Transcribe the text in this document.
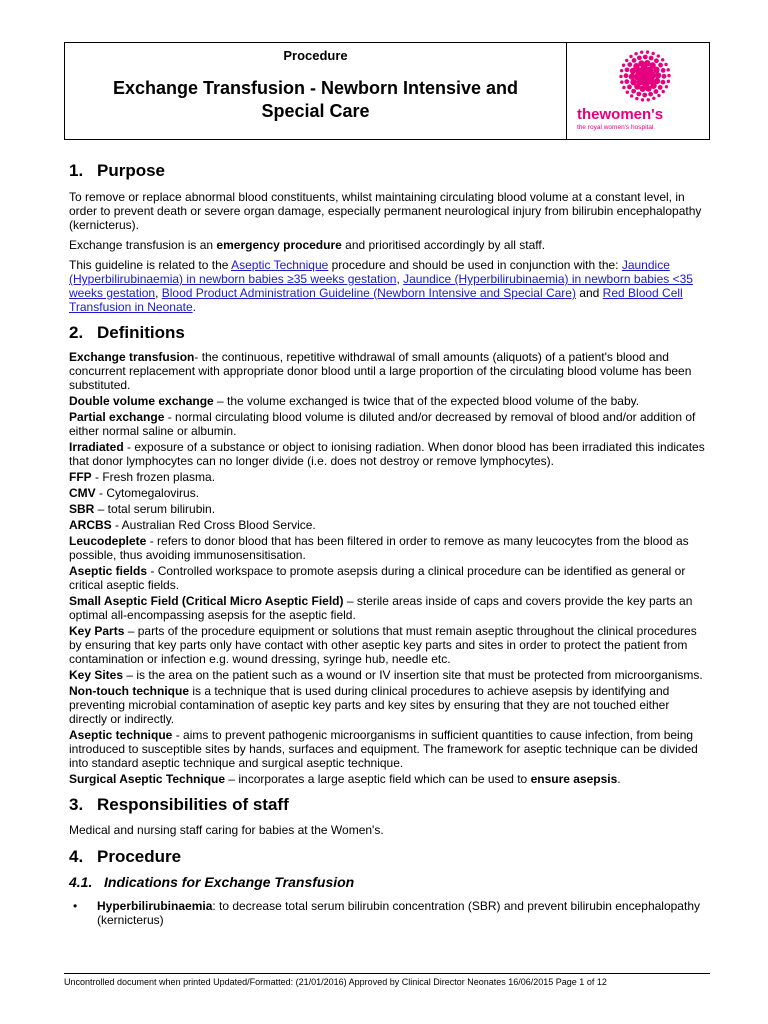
Procedure
Exchange Transfusion - Newborn Intensive and Special Care	thewomen's
the royal women's hospital
1. Purpose

To remove or replace abnormal blood constituents, whilst maintaining circulating blood volume at a constant level, in order to prevent death or severe organ damage, especially permanent neurological injury from bilirubin encephalopathy (kernicterus).

Exchange transfusion is an emergency procedure and prioritised accordingly by all staff.

This guideline is related to the Aseptic Technique procedure and should be used in conjunction with the: Jaundice (Hyperbilirubinaemia) in newborn babies ≥35 weeks gestation, Jaundice (Hyperbilirubinaemia) in newborn babies <35 weeks gestation, Blood Product Administration Guideline (Newborn Intensive and Special Care) and Red Blood Cell Transfusion in Neonate.

2. Definitions

Exchange transfusion- the continuous, repetitive withdrawal of small amounts (aliquots) of a patient's blood and concurrent replacement with appropriate donor blood until a large proportion of the circulating blood volume has been substituted.

Double volume exchange – the volume exchanged is twice that of the expected blood volume of the baby.

Partial exchange - normal circulating blood volume is diluted and/or decreased by removal of blood and/or addition of either normal saline or albumin.

Irradiated - exposure of a substance or object to ionising radiation. When donor blood has been irradiated this indicates that donor lymphocytes can no longer divide (i.e. does not destroy or remove lymphocytes).

FFP - Fresh frozen plasma.

CMV - Cytomegalovirus.

SBR – total serum bilirubin.

ARCBS - Australian Red Cross Blood Service.

Leucodeplete - refers to donor blood that has been filtered in order to remove as many leucocytes from the blood as possible, thus avoiding immunosensitisation.

Aseptic fields - Controlled workspace to promote asepsis during a clinical procedure can be identified as general or critical aseptic fields.

Small Aseptic Field (Critical Micro Aseptic Field) – sterile areas inside of caps and covers provide the key parts an optimal all-encompassing asepsis for the aseptic field.

Key Parts – parts of the procedure equipment or solutions that must remain aseptic throughout the clinical procedures by ensuring that key parts only have contact with other aseptic key parts and sites in order to protect the patient from contamination or infection e.g. wound dressing, syringe hub, needle etc.

Key Sites – is the area on the patient such as a wound or IV insertion site that must be protected from microorganisms.

Non-touch technique is a technique that is used during clinical procedures to achieve asepsis by identifying and preventing microbial contamination of aseptic key parts and key sites by ensuring that they are not touched either directly or indirectly.

Aseptic technique - aims to prevent pathogenic microorganisms in sufficient quantities to cause infection, from being introduced to susceptible sites by hands, surfaces and equipment. The framework for aseptic technique can be divided into standard aseptic technique and surgical aseptic technique.

Surgical Aseptic Technique – incorporates a large aseptic field which can be used to ensure asepsis.

3. Responsibilities of staff

Medical and nursing staff caring for babies at the Women's.

4. Procedure
4.1. Indications for Exchange Transfusion
• Hyperbilirubinaemia: to decrease total serum bilirubin concentration (SBR) and prevent bilirubin encephalopathy (kernicterus)
Uncontrolled document when printed Updated/Formatted: (21/01/2016) Approved by Clinical Director Neonates 16/06/2015 Page 1 of 12
